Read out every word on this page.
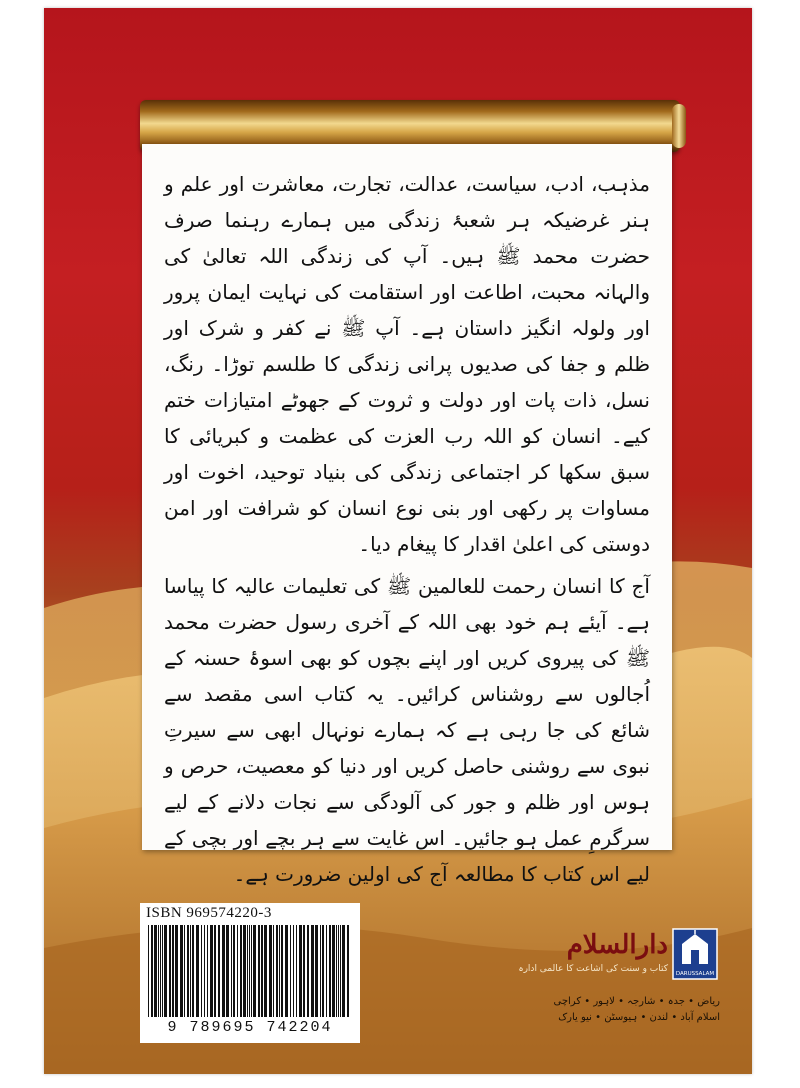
مذہب، ادب، سیاست، عدالت، تجارت، معاشرت اور علم و ہنر غرضیکہ ہر شعبۂ زندگی میں ہمارے رہنما صرف حضرت محمد ﷺ ہیں۔ آپ کی زندگی اللہ تعالیٰ کی والہانہ محبت، اطاعت اور استقامت کی نہایت ایمان پرور اور ولولہ انگیز داستان ہے۔ آپ ﷺ نے کفر و شرک اور ظلم و جفا کی صدیوں پرانی زندگی کا طلسم توڑا۔ رنگ، نسل، ذات پات اور دولت و ثروت کے جھوٹے امتیازات ختم کیے۔ انسان کو اللہ رب العزت کی عظمت و کبریائی کا سبق سکھا کر اجتماعی زندگی کی بنیاد توحید، اخوت اور مساوات پر رکھی اور بنی نوع انسان کو شرافت اور امن دوستی کی اعلیٰ اقدار کا پیغام دیا۔

آج کا انسان رحمت للعالمین ﷺ کی تعلیمات عالیہ کا پیاسا ہے۔ آیئے ہم خود بھی اللہ کے آخری رسول حضرت محمد ﷺ کی پیروی کریں اور اپنے بچوں کو بھی اسوۂ حسنہ کے اُجالوں سے روشناس کرائیں۔ یہ کتاب اسی مقصد سے شائع کی جا رہی ہے کہ ہمارے نونہال ابھی سے سیرتِ نبوی سے روشنی حاصل کریں اور دنیا کو معصیت، حرص و ہوس اور ظلم و جور کی آلودگی سے نجات دلانے کے لیے سرگرمِ عمل ہو جائیں۔ اس غایت سے ہر بچے اور بچی کے لیے اس کتاب کا مطالعہ آج کی اولین ضرورت ہے۔

ISBN 969574220-3
9 789695 742204
DARUSSALAM
دارالسلام
کتاب و سنت کی اشاعت کا عالمی ادارہ
ریاض • جدہ • شارجہ • لاہور • کراچی
اسلام آباد • لندن • ہیوسٹن • نیو یارک
